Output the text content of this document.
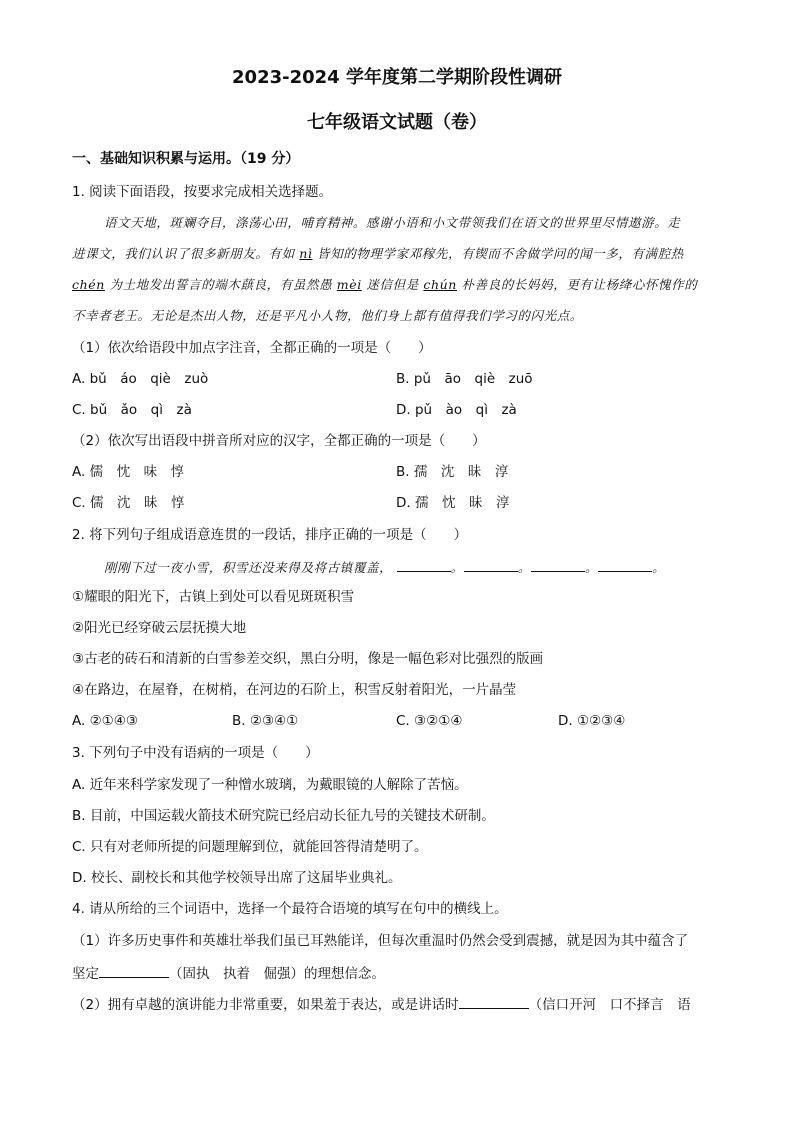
2023-2024 学年度第二学期阶段性调研
七年级语文试题（卷）
一、基础知识积累与运用。（19 分）
1. 阅读下面语段，按要求完成相关选择题。
语文天地，斑斓夺目，涤荡心田，哺育精神。感谢小语和小文带领我们在语文的世界里尽情遨游。走
进课文，我们认识了很多新朋友。有如 nì 皆知的物理学家邓稼先，有锲而不舍做学问的闻一多，有满腔热
chén 为土地发出誓言的端木蕻良，有虽然愚 mèi 迷信但是 chún 朴善良的长妈妈，更有让杨绛心怀愧作的
不幸者老王。无论是杰出人物，还是平凡小人物，他们身上都有值得我们学习的闪光点。
（1）依次给语段中加点字注音，全都正确的一项是（　　）
A. bǔ　áo　qiè　zuò	B. pǔ　āo　qiè　zuō
C. bǔ　ǎo　qì　zà	D. pǔ　ào　qì　zà
（2）依次写出语段中拼音所对应的汉字，全都正确的一项是（　　）
A. 儒　忱　味　惇	B. 孺　沈　昧　淳
C. 儒　沈　昧　惇	D. 孺　忱　昧　淳
2. 将下列句子组成语意连贯的一段话，排序正确的一项是（　　）
刚刚下过一夜小雪，积雪还没来得及将古镇覆盖，	。	。	。	。
①耀眼的阳光下，古镇上到处可以看见斑斑积雪
②阳光已经穿破云层抚摸大地
③古老的砖石和清新的白雪参差交织，黑白分明，像是一幅色彩对比强烈的版画
④在路边，在屋脊，在树梢，在河边的石阶上，积雪反射着阳光，一片晶莹
A. ②①④③	B. ②③④①	C. ③②①④	D. ①②③④
3. 下列句子中没有语病的一项是（　　）
A. 近年来科学家发现了一种憎水玻璃，为戴眼镜的人解除了苦恼。
B. 目前，中国运载火箭技术研究院已经启动长征九号的关键技术研制。
C. 只有对老师所提的问题理解到位，就能回答得清楚明了。
D. 校长、副校长和其他学校领导出席了这届毕业典礼。
4. 请从所给的三个词语中，选择一个最符合语境的填写在句中的横线上。
（1）许多历史事件和英雄壮举我们虽已耳熟能详，但每次重温时仍然会受到震撼，就是因为其中蕴含了
坚定	（固执　执着　倔强）的理想信念。
（2）拥有卓越的演讲能力非常重要，如果羞于表达，或是讲话时	（信口开河　口不择言　语
